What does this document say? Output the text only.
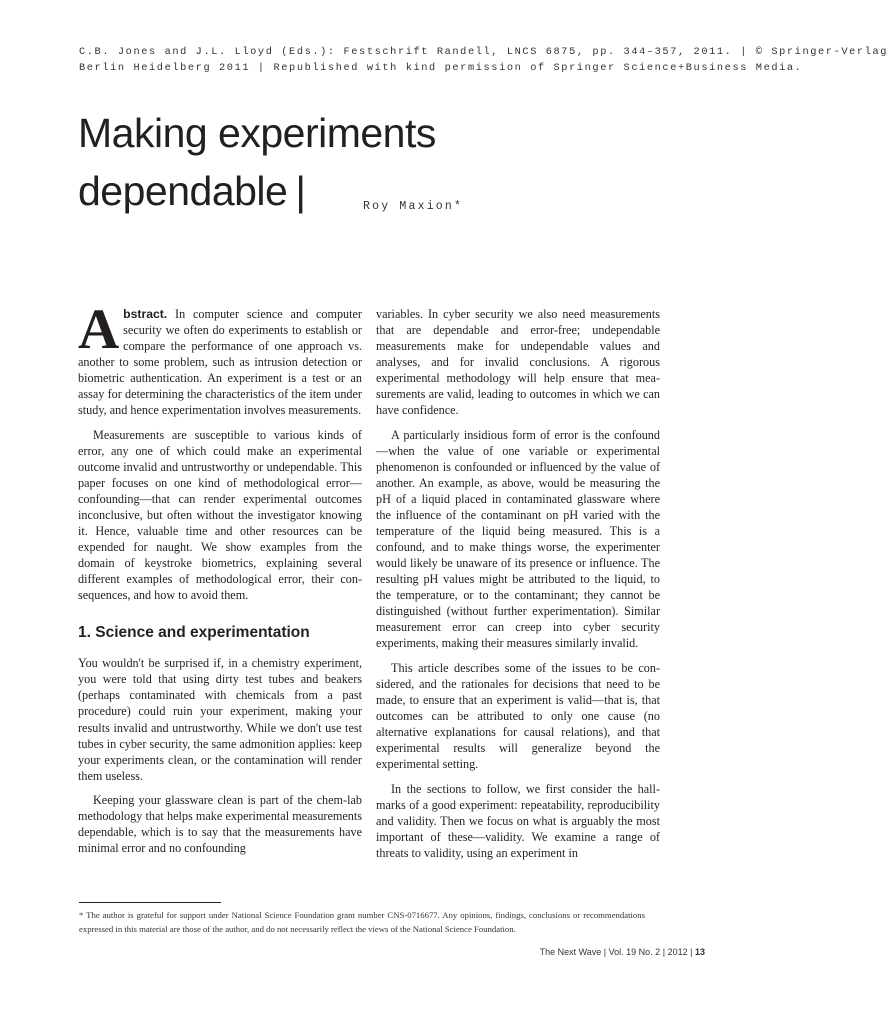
C.B. Jones and J.L. Lloyd (Eds.): Festschrift Randell, LNCS 6875, pp. 344–357, 2011. | © Springer-Verlag
Berlin Heidelberg 2011 | Republished with kind permission of Springer Science+Business Media.
Making experiments
dependable |	Roy Maxion*

Abstract. In computer science and computer security we often do experiments to establish or compare the performance of one approach vs. another to some problem, such as intrusion detection or biometric authentication. An experiment is a test or an assay for determining the characteristics of the item under study, and hence experimentation involves measurements.

Measurements are susceptible to various kinds of error, any one of which could make an experimental outcome invalid and untrustworthy or undependable. This paper focuses on one kind of methodological error—confounding—that can render experimental outcomes inconclusive, but often without the investigator knowing it. Hence, valuable time and other resources can be expended for naught. We show examples from the domain of keystroke biometrics, explaining several different examples of methodological error, their consequences, and how to avoid them.

1. Science and experimentation

You wouldn't be surprised if, in a chemistry experiment, you were told that using dirty test tubes and beakers (perhaps contaminated with chemicals from a past procedure) could ruin your experiment, making your results invalid and untrustworthy. While we don't use test tubes in cyber security, the same admonition applies: keep your experiments clean, or the contamination will render them useless.

Keeping your glassware clean is part of the chem-lab methodology that helps make experimental measurements dependable, which is to say that the measurements have minimal error and no confounding

variables. In cyber security we also need measurements that are dependable and error-free; undependable measurements make for undependable values and analyses, and for invalid conclusions. A rigorous experimental methodology will help ensure that measurements are valid, leading to outcomes in which we can have confidence.

A particularly insidious form of error is the confound—when the value of one variable or experimental phenomenon is confounded or influenced by the value of another. An example, as above, would be measuring the pH of a liquid placed in contaminated glassware where the influence of the contaminant on pH varied with the temperature of the liquid being measured. This is a confound, and to make things worse, the experimenter would likely be unaware of its presence or influence. The resulting pH values might be attributed to the liquid, to the temperature, or to the contaminant; they cannot be distinguished (without further experimentation). Similar measurement error can creep into cyber security experiments, making their measures similarly invalid.

This article describes some of the issues to be considered, and the rationales for decisions that need to be made, to ensure that an experiment is valid—that is, that outcomes can be attributed to only one cause (no alternative explanations for causal relations), and that experimental results will generalize beyond the experimental setting.

In the sections to follow, we first consider the hallmarks of a good experiment: repeatability, reproducibility and validity. Then we focus on what is arguably the most important of these—validity. We examine a range of threats to validity, using an experiment in

* The author is grateful for support under National Science Foundation grant number CNS-0716677. Any opinions, findings, conclusions or recommendations expressed in this material are those of the author, and do not necessarily reflect the views of the National Science Foundation.

The Next Wave | Vol. 19 No. 2 | 2012 | 13
